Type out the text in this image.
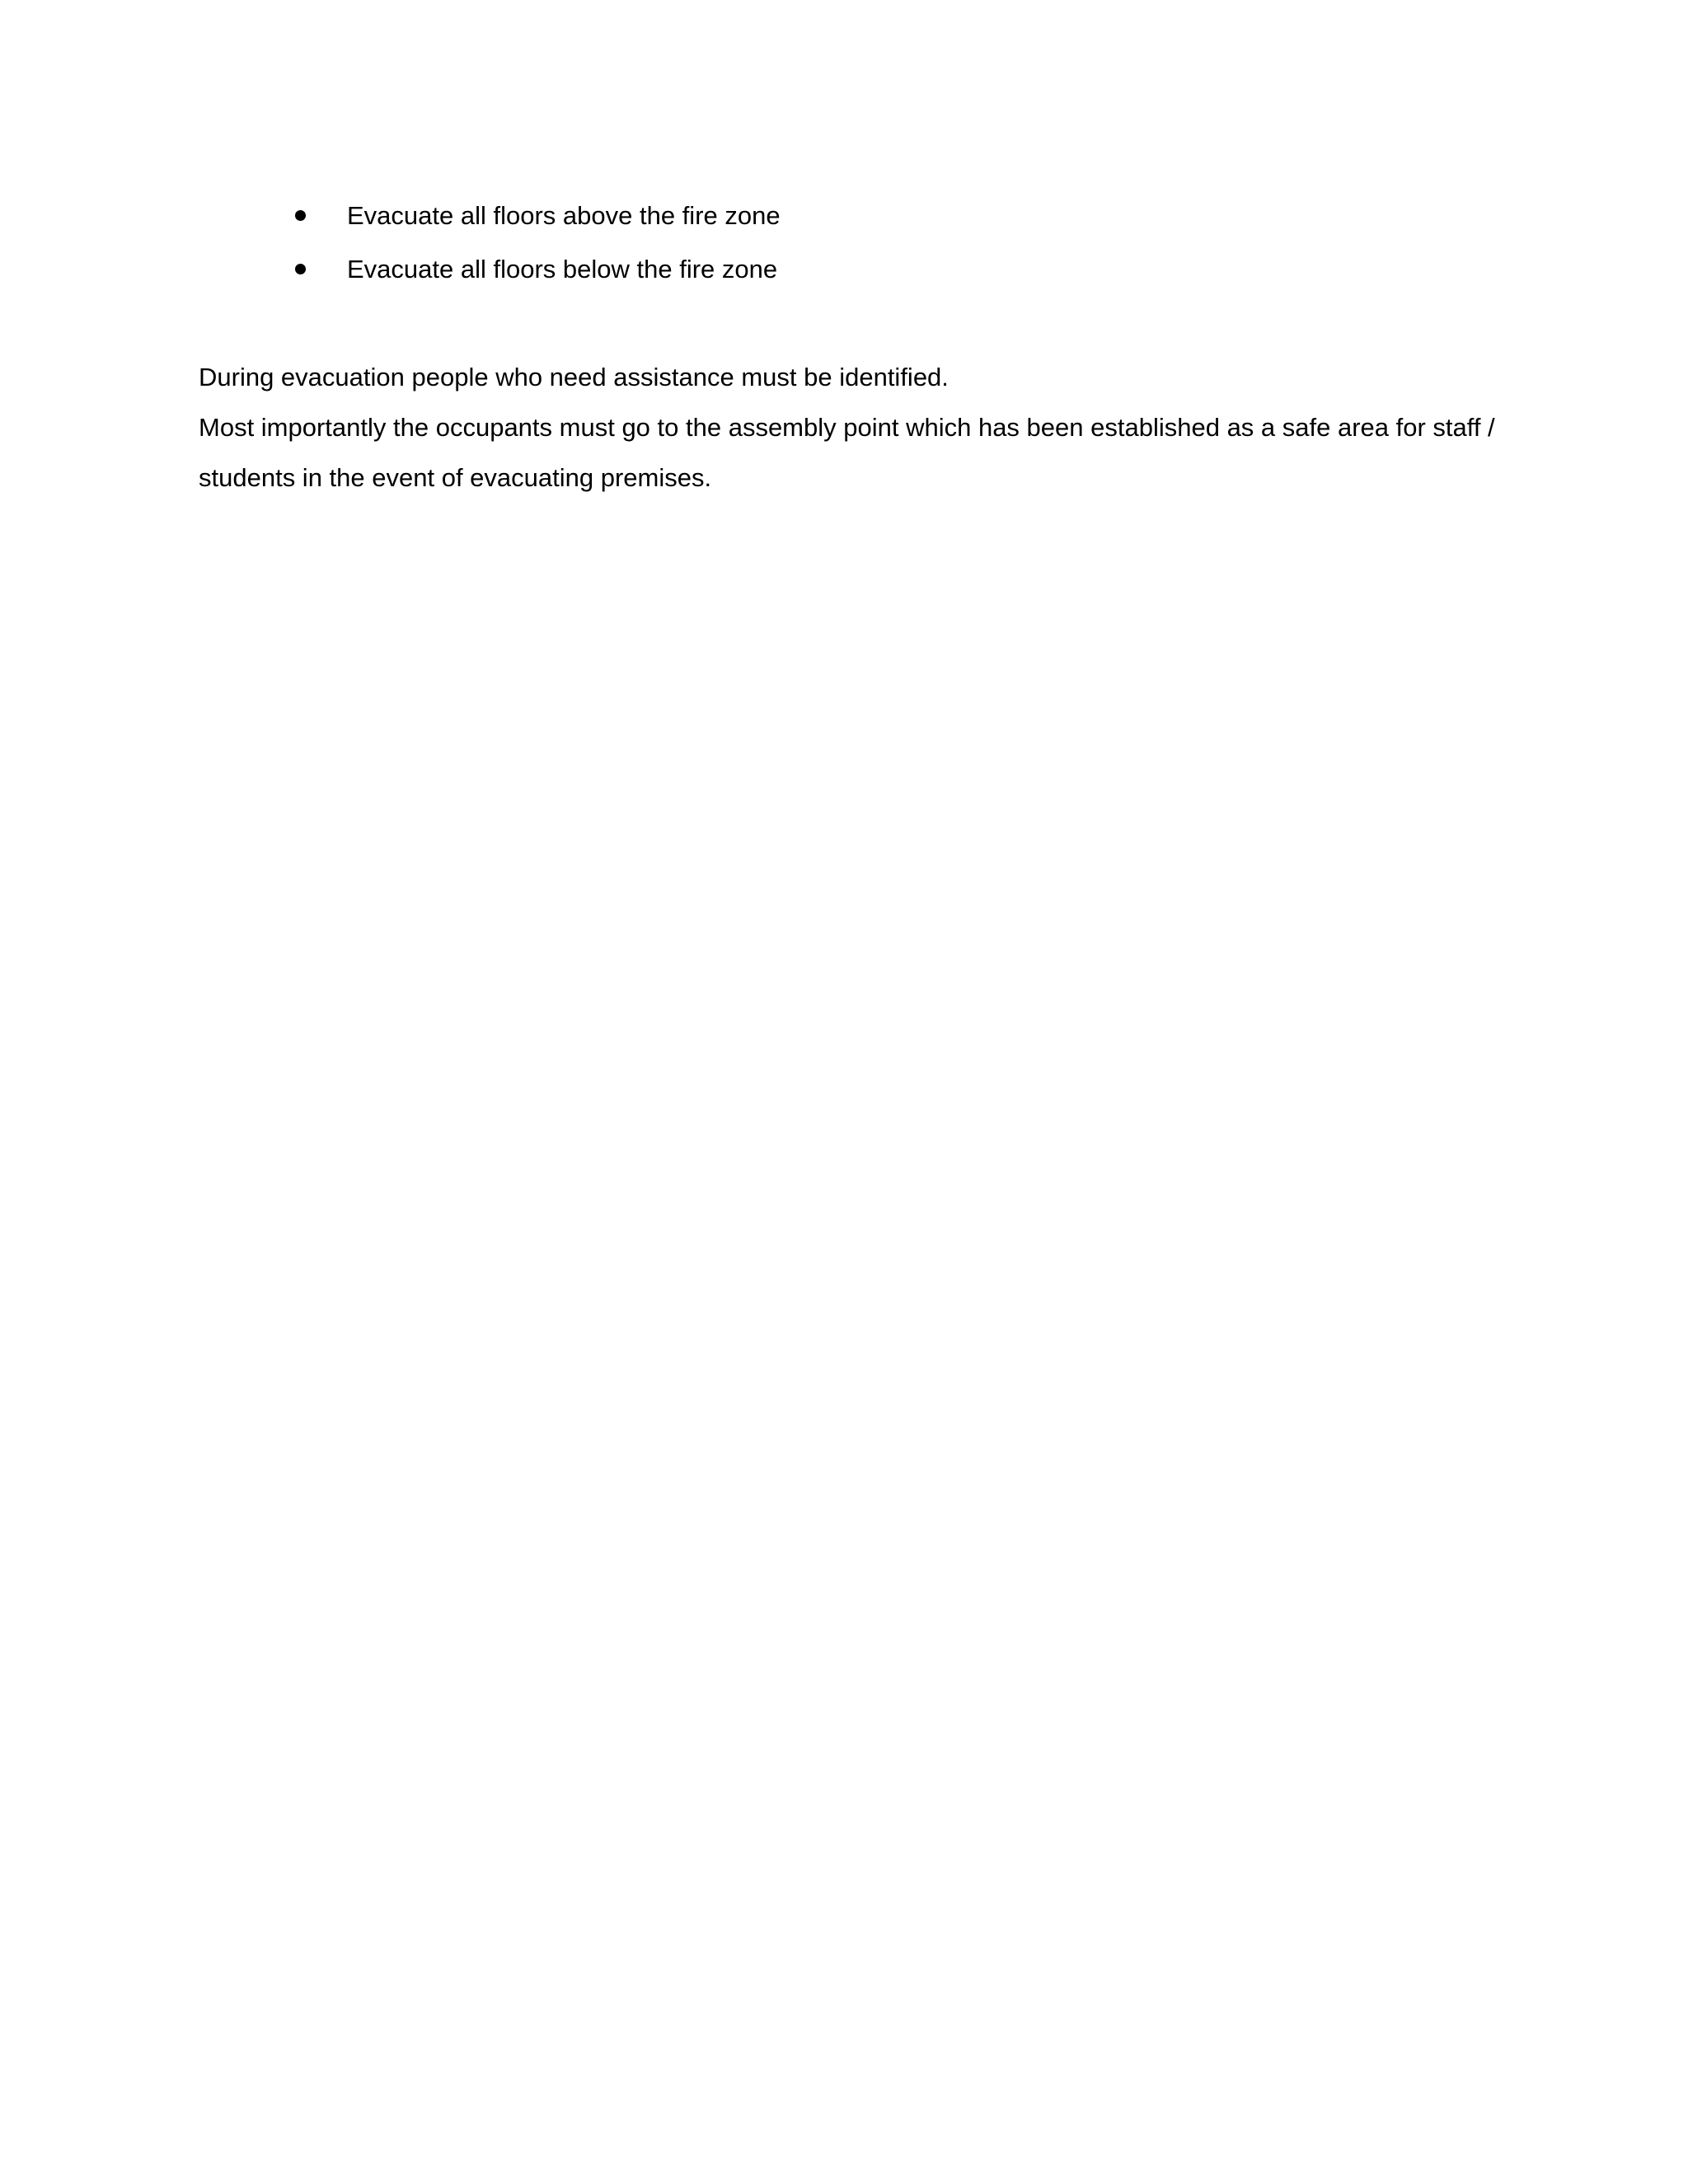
Evacuate all floors above the fire zone
Evacuate all floors below the fire zone

During evacuation people who need assistance must be identified.

Most importantly the occupants must go to the assembly point which has been established as a safe area for staff / students in the event of evacuating premises.
